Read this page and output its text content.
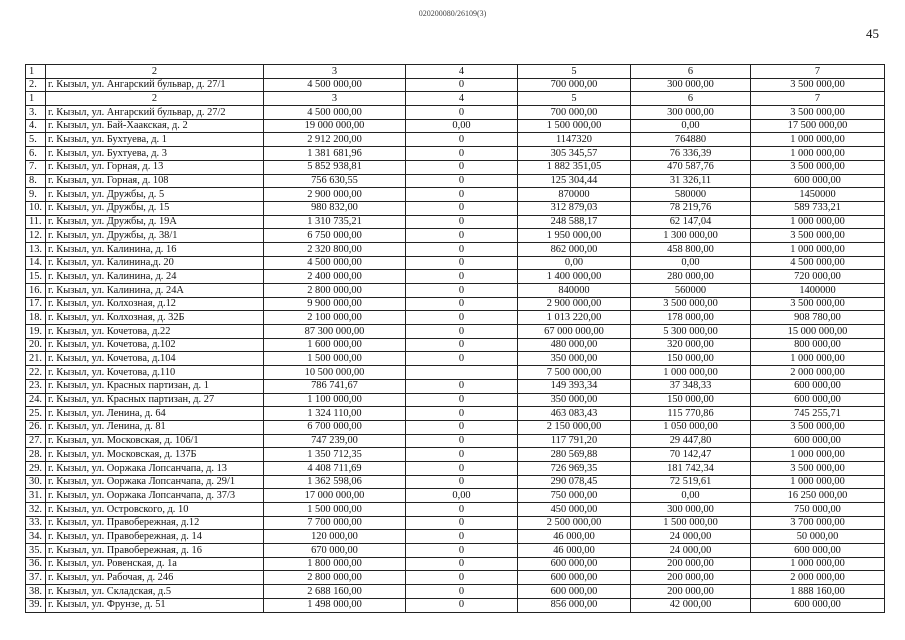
020200080/26109(3)
45
1	2	3	4	5	6	7
2.	г. Кызыл, ул. Ангарский бульвар, д. 27/1	4 500 000,00	0	700 000,00	300 000,00	3 500 000,00
1	2	3	4	5	6	7
3.	г. Кызыл, ул. Ангарский бульвар, д. 27/2	4 500 000,00	0	700 000,00	300 000,00	3 500 000,00
4.	г. Кызыл, ул. Бай-Хаакская, д. 2	19 000 000,00	0,00	1 500 000,00	0,00	17 500 000,00
5.	г. Кызыл, ул. Бухтуева, д. 1	2 912 200,00	0	1147320	764880	1 000 000,00
6.	г. Кызыл, ул. Бухтуева, д. 3	1 381 681,96	0	305 345,57	76 336,39	1 000 000,00
7.	г. Кызыл, ул. Горная, д. 13	5 852 938,81	0	1 882 351,05	470 587,76	3 500 000,00
8.	г. Кызыл, ул. Горная, д. 108	756 630,55	0	125 304,44	31 326,11	600 000,00
9.	г. Кызыл, ул. Дружбы, д. 5	2 900 000,00	0	870000	580000	1450000
10.	г. Кызыл, ул. Дружбы, д. 15	980 832,00	0	312 879,03	78 219,76	589 733,21
11.	г. Кызыл, ул. Дружбы, д. 19А	1 310 735,21	0	248 588,17	62 147,04	1 000 000,00
12.	г. Кызыл, ул. Дружбы, д. 38/1	6 750 000,00	0	1 950 000,00	1 300 000,00	3 500 000,00
13.	г. Кызыл, ул. Калинина, д. 16	2 320 800,00	0	862 000,00	458 800,00	1 000 000,00
14.	г. Кызыл, ул. Калинина,д. 20	4 500 000,00	0	0,00	0,00	4 500 000,00
15.	г. Кызыл, ул. Калинина, д. 24	2 400 000,00	0	1 400 000,00	280 000,00	720 000,00
16.	г. Кызыл, ул. Калинина, д. 24А	2 800 000,00	0	840000	560000	1400000
17.	г. Кызыл, ул. Колхозная, д.12	9 900 000,00	0	2 900 000,00	3 500 000,00	3 500 000,00
18.	г. Кызыл, ул. Колхозная, д. 32Б	2 100 000,00	0	1 013 220,00	178 000,00	908 780,00
19.	г. Кызыл, ул. Кочетова, д.22	87 300 000,00	0	67 000 000,00	5 300 000,00	15 000 000,00
20.	г. Кызыл, ул. Кочетова, д.102	1 600 000,00	0	480 000,00	320 000,00	800 000,00
21.	г. Кызыл, ул. Кочетова, д.104	1 500 000,00	0	350 000,00	150 000,00	1 000 000,00
22.	г. Кызыл, ул. Кочетова, д.110	10 500 000,00		7 500 000,00	1 000 000,00	2 000 000,00
23.	г. Кызыл, ул. Красных партизан, д. 1	786 741,67	0	149 393,34	37 348,33	600 000,00
24.	г. Кызыл, ул. Красных партизан, д. 27	1 100 000,00	0	350 000,00	150 000,00	600 000,00
25.	г. Кызыл, ул. Ленина, д. 64	1 324 110,00	0	463 083,43	115 770,86	745 255,71
26.	г. Кызыл, ул. Ленина, д. 81	6 700 000,00	0	2 150 000,00	1 050 000,00	3 500 000,00
27.	г. Кызыл, ул. Московская, д. 106/1	747 239,00	0	117 791,20	29 447,80	600 000,00
28.	г. Кызыл, ул. Московская, д. 137Б	1 350 712,35	0	280 569,88	70 142,47	1 000 000,00
29.	г. Кызыл, ул. Ооржака Лопсанчапа, д. 13	4 408 711,69	0	726 969,35	181 742,34	3 500 000,00
30.	г. Кызыл, ул. Ооржака Лопсанчапа, д. 29/1	1 362 598,06	0	290 078,45	72 519,61	1 000 000,00
31.	г. Кызыл, ул. Ооржака Лопсанчапа, д. 37/3	17 000 000,00	0,00	750 000,00	0,00	16 250 000,00
32.	г. Кызыл, ул. Островского, д. 10	1 500 000,00	0	450 000,00	300 000,00	750 000,00
33.	г. Кызыл, ул. Правобережная, д.12	7 700 000,00	0	2 500 000,00	1 500 000,00	3 700 000,00
34.	г. Кызыл, ул. Правобережная, д. 14	120 000,00	0	46 000,00	24 000,00	50 000,00
35.	г. Кызыл, ул. Правобережная, д. 16	670 000,00	0	46 000,00	24 000,00	600 000,00
36.	г. Кызыл, ул. Ровенская, д. 1а	1 800 000,00	0	600 000,00	200 000,00	1 000 000,00
37.	г. Кызыл, ул. Рабочая, д. 246	2 800 000,00	0	600 000,00	200 000,00	2 000 000,00
38.	г. Кызыл, ул. Складская, д.5	2 688 160,00	0	600 000,00	200 000,00	1 888 160,00
39.	г. Кызыл, ул. Фрунзе, д. 51	1 498 000,00	0	856 000,00	42 000,00	600 000,00
